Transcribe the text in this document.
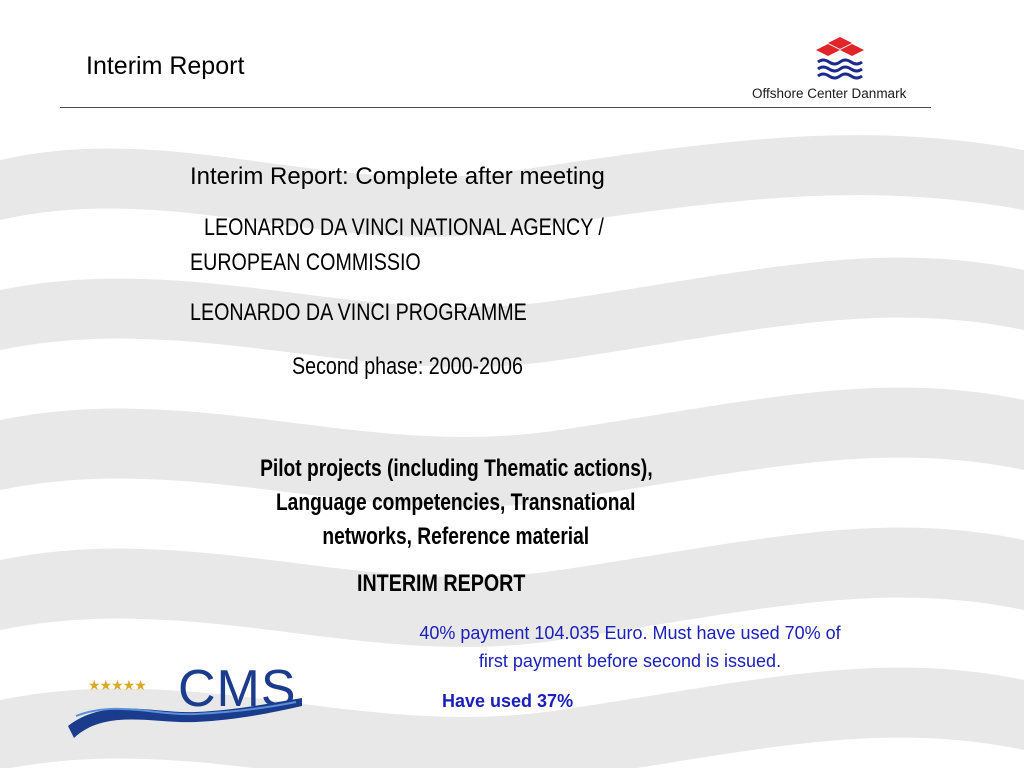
Interim Report
Offshore Center Danmark
Interim Report: Complete after meeting
LEONARDO DA VINCI NATIONAL AGENCY /
EUROPEAN COMMISSIO
LEONARDO DA VINCI PROGRAMME
Second phase: 2000-2006
Pilot projects (including Thematic actions),
Language competencies, Transnational
networks, Reference material
INTERIM REPORT
40% payment 104.035 Euro. Must have used 70% of
first payment before second is issued.
Have used 37%
★★★★★ CMS
